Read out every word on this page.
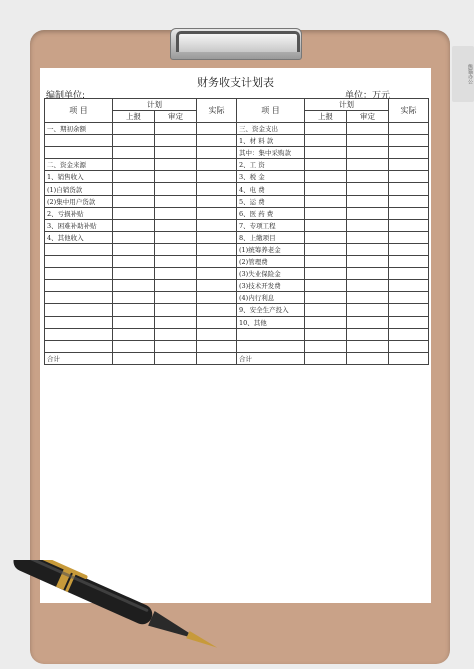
熊猫办公
财务收支计划表
编制单位:	单位：万元
项 目	计划		实际	项 目	计划		实际
	上报	审定			上报	审定	
一、期初余额				三、资金支出			
				1、材 料 款			
				其中：集中采购款			
二、资金来源				2、工 资			
1、销售收入				3、税 金			
(1)自销货款				4、电 费			
(2)集中用户货款				5、运 费			
2、亏损补贴				6、医 药 费			
3、困难补助补贴				7、专项工程			
4、其他收入				8、上缴项目			
				(1)统筹养老金			
				(2)管理费			
				(3)失业保险金			
				(3)技术开发费			
				(4)内行利息			
				9、安全生产投入			
				10、其他			

合计				合计			
